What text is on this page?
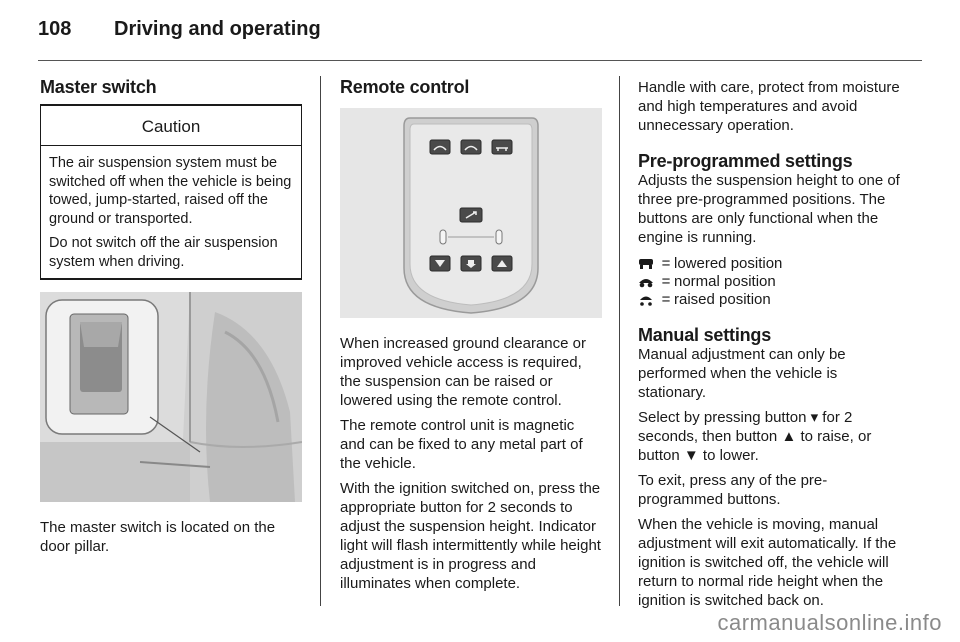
108 Driving and operating
Master switch
Caution

The air suspension system must be switched off when the vehicle is being towed, jump-started, raised off the ground or transported.

Do not switch off the air suspension system when driving.

The master switch is located on the door pillar.

Remote control

When increased ground clearance or improved vehicle access is required, the suspension can be raised or lowered using the remote control.

The remote control unit is magnetic and can be fixed to any metal part of the vehicle.

With the ignition switched on, press the appropriate button for 2 seconds to adjust the suspension height. Indicator light will flash intermittently while height adjustment is in progress and illuminates when complete.

Handle with care, protect from moisture and high temperatures and avoid unnecessary operation.

Pre-programmed settings

Adjusts the suspension height to one of three pre-programmed positions. The buttons are only functional when the engine is running.

= lowered position
= normal position
= raised position
Manual settings

Manual adjustment can only be performed when the vehicle is stationary.

Select by pressing button ▾ for 2 seconds, then button ▲ to raise, or button ▼ to lower.

To exit, press any of the pre-programmed buttons.

When the vehicle is moving, manual adjustment will exit automatically. If the ignition is switched off, the vehicle will return to normal ride height when the ignition is switched back on.

carmanualsonline.info
